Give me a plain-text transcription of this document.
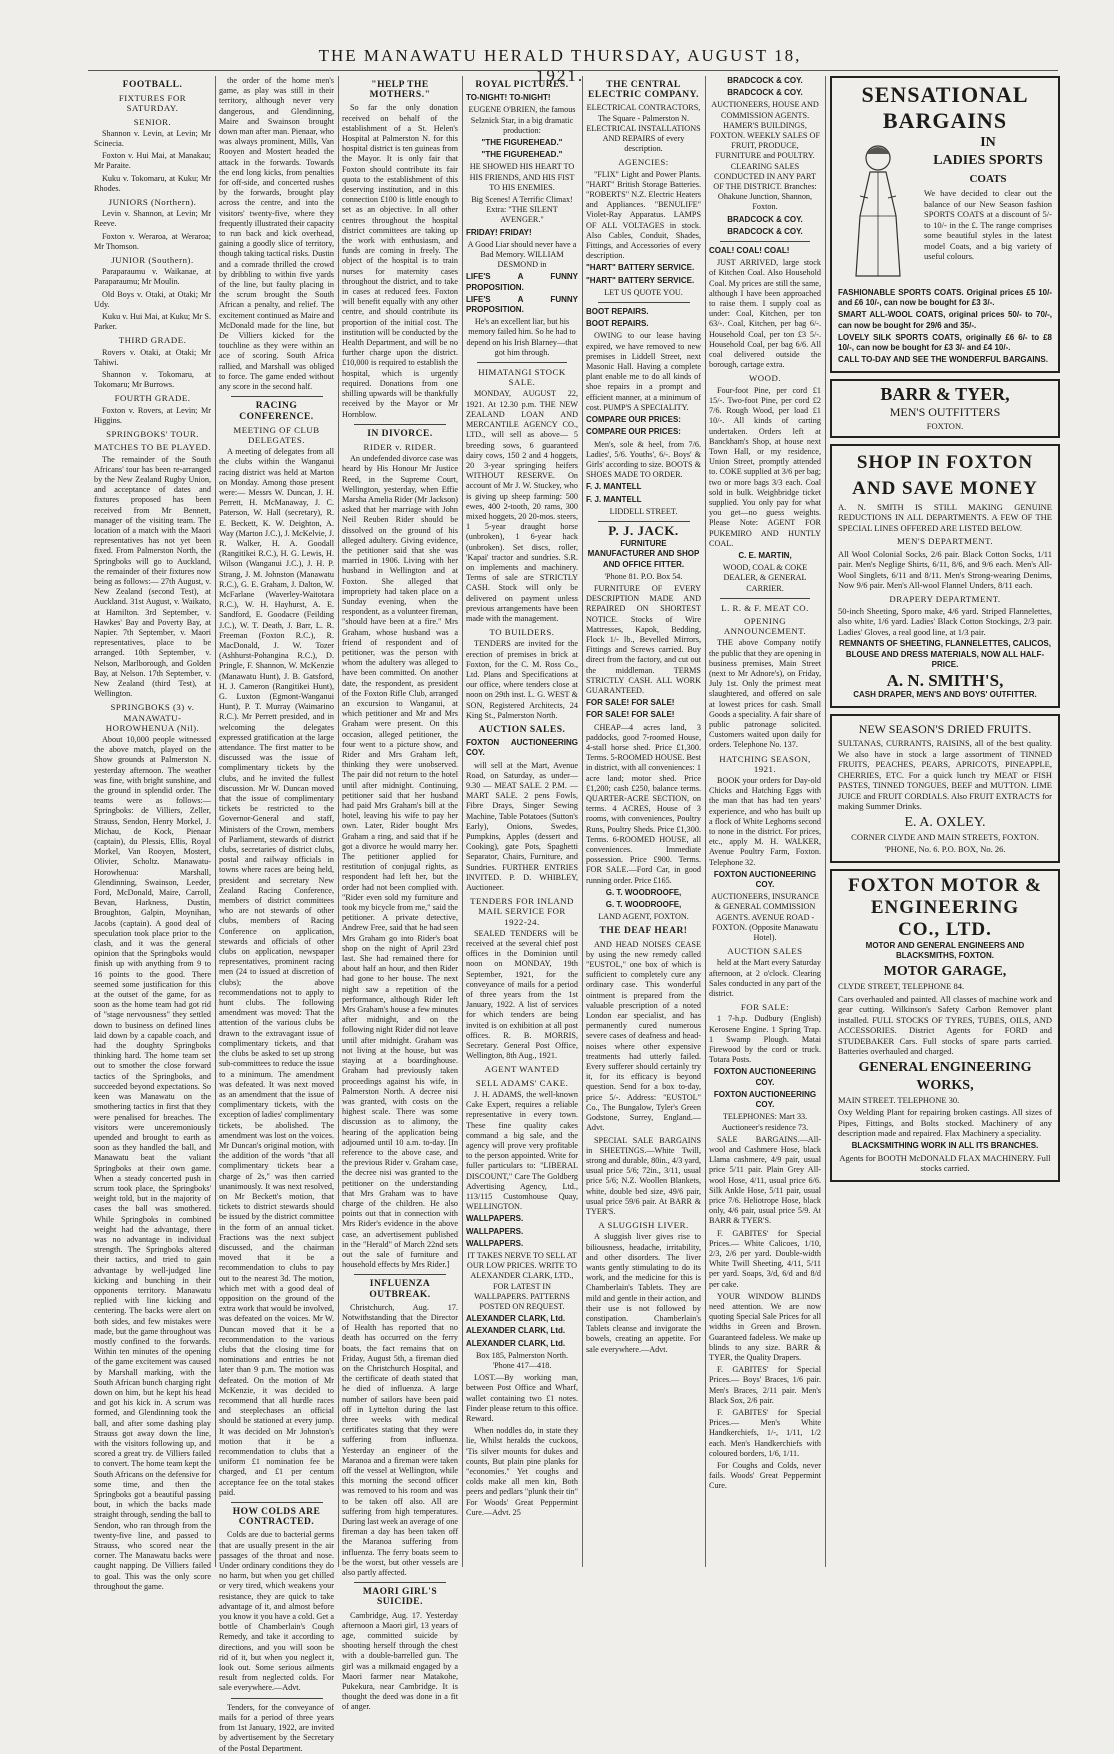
THE MANAWATU HERALD THURSDAY, AUGUST 18, 1921.
FOOTBALL.
FIXTURES FOR SATURDAY.
SENIOR.

Shannon v. Levin, at Levin; Mr Scinecia.

Foxton v. Hui Mai, at Manakau; Mr Paraite.

Kuku v. Tokomaru, at Kuku; Mr Rhodes.

JUNIORS (Northern).

Levin v. Shannon, at Levin; Mr Reeve.

Foxton v. Weraroa, at Weraroa; Mr Thomson.

JUNIOR (Southern).

Paraparaumu v. Waikanae, at Paraparaumu; Mr Moulin.

Old Boys v. Otaki, at Otaki; Mr Udy.

Kuku v. Hui Mai, at Kuku; Mr S. Parker.

THIRD GRADE.

Rovers v. Otaki, at Otaki; Mr Tahiwi.

Shannon v. Tokomaru, at Tokomaru; Mr Burrows.

FOURTH GRADE.

Foxton v. Rovers, at Levin; Mr Higgins.

SPRINGBOKS' TOUR.
MATCHES TO BE PLAYED.

The remainder of the South Africans' tour has been re-arranged by the New Zealand Rugby Union, and acceptance of dates and fixtures proposed has been received from Mr Bennett, manager of the visiting team. The location of a match with the Maori representatives has not yet been fixed. From Palmerston North, the Springboks will go to Auckland, the remainder of their fixtures now being as follows:— 27th August, v. New Zealand (second Test), at Auckland. 31st August, v. Waikato, at Hamilton. 3rd September, v. Hawkes' Bay and Poverty Bay, at Napier. 7th September, v. Maori representatives, place to be arranged. 10th September, v. Nelson, Marlborough, and Golden Bay, at Nelson. 17th September, v. New Zealand (third Test), at Wellington.

SPRINGBOKS (3) v. MANAWATU-HOROWHENUA (Nil).

About 10,000 people witnessed the above match, played on the Show grounds at Palmerston N. yesterday afternoon. The weather was fine, with bright sunshine, and the ground in splendid order. The teams were as follows:— Springboks: de Villiers, Zeller, Strauss, Sendon, Henry Morkel, J. Michau, de Kock, Pienaar (captain), du Plessis, Ellis, Royal Morkel, Van Rooyen, Mostert, Olivier, Scholtz. Manawatu-Horowhenua: Marshall, Glendinning, Swainson, Leeder, Ford, McDonald, Maire, Carroll, Bevan, Harkness, Dustin, Broughton, Galpin, Moynihan, Jacobs (captain). A good deal of speculation took place prior to the clash, and it was the general opinion that the Springboks would finish up with anything from 9 to 16 points to the good. There seemed some justification for this at the outset of the game, for as soon as the home team had got rid of "stage nervousness" they settled down to business on defined lines laid down by a capable coach, and had the doughty Springboks thinking hard. The home team set out to smother the close forward tactics of the Springboks, and succeeded beyond expectations. So keen was Manawatu on the smothering tactics in first that they were penalised for breaches. The visitors were unceremoniously upended and brought to earth as soon as they handled the ball, and Manawatu beat the valiant Springboks at their own game. When a steady concerted push in scrum took place, the Springboks' weight told, but in the majority of cases the ball was smothered. While Springboks in combined weight had the advantage, there was no advantage in individual strength. The Springboks altered their tactics, and tried to gain advantage by well-judged line kicking and bunching in their opponents territory. Manawatu replied with line kicking and centering. The backs were alert on both sides, and few mistakes were made, but the game throughout was mostly confined to the forwards. Within ten minutes of the opening of the game excitement was caused by Marshall marking, with the South African bunch charging right down on him, but he kept his head and got his kick in. A scrum was formed, and Glendinning took the ball, and after some dashing play Strauss got away down the line, with the visitors following up, and scored a great try. de Villiers failed to convert. The home team kept the South Africans on the defensive for some time, and then the Springboks got a beautiful passing bout, in which the backs made straight through, sending the ball to Sendon, who ran through from the twenty-five line, and passed to Strauss, who scored near the corner. The Manawatu backs were caught napping. De Villiers failed to goal. This was the only score throughout the game.

the order of the home men's game, as play was still in their territory, although never very dangerous, and Glendinning, Maire and Swainson brought down man after man. Pienaar, who was always prominent, Mills, Van Rooyen and Mostert headed the attack in the forwards. Towards the end long kicks, from penalties for off-side, and concerted rushes by the forwards, brought play across the centre, and into the visitors' twenty-five, where they frequently illustrated their capacity to run back and kick overhead, gaining a goodly slice of territory, though taking tactical risks. Dustin and a comrade thrilled the crowd by dribbling to within five yards of the line, but faulty placing in the scrum brought the South African a penalty, and relief. The excitement continued as Maire and McDonald made for the line, but De Villiers kicked for the touchline as they were within an ace of scoring. South Africa rallied, and Marshall was obliged to force. The game ended without any score in the second half.

RACING CONFERENCE.
MEETING OF CLUB DELEGATES.

A meeting of delegates from all the clubs within the Wanganui racing district was held at Marton on Monday. Among those present were:— Messrs W. Duncan, J. H. Perrett, H. McManaway, J. C. Paterson, W. Hall (secretary), R. E. Beckett, K. W. Deighton, A. Way (Marton J.C.), J. McKelvie, J. R. Walker, H. A. Goodall (Rangitikei R.C.), H. G. Lewis, H. Wilson (Wanganui J.C.), J. H. P. Strang, J. M. Johnston (Manawatu R.C.), G. E. Graham, J. Dalton, W. McFarlane (Waverley-Waitotara R.C.), W. H. Hayhurst, A. E. Sandford, E. Goodacre (Feilding J.C.), W. T. Death, J. Barr, L. R. Freeman (Foxton R.C.), R. MacDonald, J. W. Tozer (Ashhurst-Pohangina R.C.), D. Pringle, F. Shannon, W. McKenzie (Manawatu Hunt), J. B. Gatsford, H. J. Cameron (Rangitikei Hunt), G. Luxton (Egmont-Wanganui Hunt), P. T. Murray (Waimarino R.C.). Mr Perrett presided, and in welcoming the delegates expressed gratification at the large attendance. The first matter to be discussed was the issue of complimentary tickets by the clubs, and he invited the fullest discussion. Mr W. Duncan moved that the issue of complimentary tickets be restricted to the Governor-General and staff, Ministers of the Crown, members of Parliament, stewards of district clubs, secretaries of district clubs, postal and railway officials in towns where races are being held, president and secretary New Zealand Racing Conference, members of district committees who are not stewards of other clubs, members of Racing Conference on application, stewards and officials of other clubs on application, newspaper representatives, prominent racing men (24 to issued at discretion of clubs); the above recommendations not to apply to hunt clubs. The following amendment was moved: That the attention of the various clubs be drawn to the extravagant issue of complimentary tickets, and that the clubs be asked to set up strong sub-committees to reduce the issue to a minimum. The amendment was defeated. It was next moved as an amendment that the issue of complimentary tickets, with the exception of ladies' complimentary tickets, be abolished. The amendment was lost on the voices. Mr Duncan's original motion, with the addition of the words "that all complimentary tickets bear a charge of 2s," was then carried unanimously. It was next resolved, on Mr Beckett's motion, that tickets to district stewards should be issued by the district committee in the form of an annual ticket. Fractions was the next subject discussed, and the chairman moved that it be a recommendation to clubs to pay out to the nearest 3d. The motion, which met with a good deal of opposition on the ground of the extra work that would be involved, was defeated on the voices. Mr W. Duncan moved that it be a recommendation to the various clubs that the closing time for nominations and entries be not later than 9 p.m. The motion was defeated. On the motion of Mr McKenzie, it was decided to recommend that all hurdle races and steeplechases an official should be stationed at every jump. It was decided on Mr Johnston's motion that it be a recommendation to clubs that a uniform £1 nomination fee be charged, and £1 per centum acceptance fee on the total stakes paid.

HOW COLDS ARE CONTRACTED.

Colds are due to bacterial germs that are usually present in the air passages of the throat and nose. Under ordinary conditions they do no harm, but when you get chilled or very tired, which weakens your resistance, they are quick to take advantage of it, and almost before you know it you have a cold. Get a bottle of Chamberlain's Cough Remedy, and take it according to directions, and you will soon be rid of it, but when you neglect it, look out. Some serious ailments result from neglected colds. For sale everywhere.—Advt.

Tenders, for the conveyance of mails for a period of three years from 1st January, 1922, are invited by advertisement by the Secretary of the Postal Department.

"HELP THE MOTHERS."

So far the only donation received on behalf of the establishment of a St. Helen's Hospital at Palmerston N. for this hospital district is ten guineas from the Mayor. It is only fair that Foxton should contribute its fair quota to the establishment of this deserving institution, and in this connection £100 is little enough to set as an objective. In all other centres throughout the hospital district committees are taking up the work with enthusiasm, and funds are coming in freely. The object of the hospital is to train nurses for maternity cases throughout the district, and to take in cases at reduced fees. Foxton will benefit equally with any other centre, and should contribute its proportion of the initial cost. The institution will be conducted by the Health Department, and will be no further charge upon the district. £10,000 is required to establish the hospital, which is urgently required. Donations from one shilling upwards will be thankfully received by the Mayor or Mr Hornblow.

IN DIVORCE.
RIDER v. RIDER.

An undefended divorce case was heard by His Honour Mr Justice Reed, in the Supreme Court, Wellington, yesterday, when Effie Marsha Amelia Rider (Mr Jackson) asked that her marriage with John Neil Reuben Rider should be dissolved on the ground of his alleged adultery. Giving evidence, the petitioner said that she was married in 1906. Living with her husband in Wellington and at Foxton. She alleged that impropriety had taken place on a Sunday evening, when the respondent, as a volunteer fireman, "should have been at a fire." Mrs Graham, whose husband was a friend of respondent and of petitioner, was the person with whom the adultery was alleged to have been committed. On another date, the respondent, as president of the Foxton Rifle Club, arranged an excursion to Wanganui, at which petitioner and Mr and Mrs Graham were present. On this occasion, alleged petitioner, the four went to a picture show, and Rider and Mrs Graham left, thinking they were unobserved. The pair did not return to the hotel until after midnight. Continuing, petitioner said that her husband had paid Mrs Graham's bill at the hotel, leaving his wife to pay her own. Later, Rider bought Mrs Graham a ring, and said that if he got a divorce he would marry her. The petitioner applied for restitution of conjugal rights, as respondent had left her, but the order had not been complied with. "Rider even sold my furniture and took my bicycle from me," said the petitioner. A private detective, Andrew Free, said that he had seen Mrs Graham go into Rider's boat shop on the night of April 23rd last. She had remained there for about half an hour, and then Rider had gone to her house. The next night saw a repetition of the performance, although Rider left Mrs Graham's house a few minutes after midnight, and on the following night Rider did not leave until after midnight. Graham was not living at the house, but was staying at a boardinghouse. Graham had previously taken proceedings against his wife, in Palmerston North. A decree nisi was granted, with costs on the highest scale. There was some discussion as to alimony, the hearing of the application being adjourned until 10 a.m. to-day. [In reference to the above case, and the previous Rider v. Graham case, the decree nisi was granted to the petitioner on the understanding that Mrs Graham was to have charge of the children. He also points out that in connection with Mrs Rider's evidence in the above case, an advertisement published in the "Herald" of March 22nd sets out the sale of furniture and household effects by Mrs Rider.]

INFLUENZA OUTBREAK.

Christchurch, Aug. 17. Notwithstanding that the Director of Health has reported that no death has occurred on the ferry boats, the fact remains that on Friday, August 5th, a fireman died on the Christchurch Hospital, and the certificate of death stated that he died of influenza. A large number of sailors have been paid off in Lyttelton during the last three weeks with medical certificates stating that they were suffering from influenza. Yesterday an engineer of the Maranoa and a fireman were taken off the vessel at Wellington, while this morning the second officer was removed to his room and was to be taken off also. All are suffering from high temperatures. During last week an average of one fireman a day has been taken off the Maranoa suffering from influenza. The ferry boats seem to be the worst, but other vessels are also partly affected.

MAORI GIRL'S SUICIDE.

Cambridge, Aug. 17. Yesterday afternoon a Maori girl, 13 years of age, committed suicide by shooting herself through the chest with a double-barrelled gun. The girl was a milkmaid engaged by a Maori farmer near Matakohe, Pukekura, near Cambridge. It is thought the deed was done in a fit of anger.

ROYAL PICTURES.

TO-NIGHT! TO-NIGHT!

EUGENE O'BRIEN, the famous Selznick Star, in a big dramatic production:

"THE FIGUREHEAD."

"THE FIGUREHEAD."

HE SHOWED HIS HEART TO HIS FRIENDS, AND HIS FIST TO HIS ENEMIES.

Big Scenes! A Terrific Climax! Extra: "THE SILENT AVENGER."

FRIDAY! FRIDAY!

A Good Liar should never have a Bad Memory. WILLIAM DESMOND in

LIFE'S A FUNNY PROPOSITION.

LIFE'S A FUNNY PROPOSITION.

He's an excellent liar, but his memory failed him. So he had to depend on his Irish Blarney—that got him through.

HIMATANGI STOCK SALE.

MONDAY, AUGUST 22, 1921. At 12.30 p.m. THE NEW ZEALAND LOAN AND MERCANTILE AGENCY CO., LTD., will sell as above— 5 breeding sows, 6 guaranteed dairy cows, 150 2 and 4 hoggets, 20 3-year springing heifers WITHOUT RESERVE. On account of Mr J. W. Stuckey, who is giving up sheep farming: 500 ewes, 400 2-tooth, 20 rams, 300 mixed hoggets, 20 20-mos. steers, 1 5-year draught horse (unbroken), 1 6-year hack (unbroken). Set discs, roller, 'Kapai' tractor and sundries. S.R. on implements and machinery. Terms of sale are STRICTLY CASH. Stock will only be delivered on payment unless previous arrangements have been made with the management.

TO BUILDERS.

TENDERS are invited for the erection of premises in brick at Foxton, for the C. M. Ross Co., Ltd. Plans and Specifications at our office, where tenders close at noon on 29th inst. L. G. WEST & SON, Registered Architects, 24 King St., Palmerston North.

AUCTION SALES.

FOXTON AUCTIONEERING COY.

will sell at the Mart, Avenue Road, on Saturday, as under— 9.30 — MEAT SALE. 2 P.M. — MART SALE. 2 pens Fowls, Fibre Drays, Singer Sewing Machine, Table Potatoes (Sutton's Early), Onions, Swedes, Pumpkins, Apples (dessert and Cooking), gate Pots, Spaghetti Separator, Chairs, Furniture, and Sundries. FURTHER ENTRIES INVITED. P. D. WHIBLEY, Auctioneer.

TENDERS FOR INLAND MAIL SERVICE FOR 1922-24.

SEALED TENDERS will be received at the several chief post offices in the Dominion until noon on MONDAY, 19th September, 1921, for the conveyance of mails for a period of three years from the 1st January, 1922. A list of services for which tenders are being invited is on exhibition at all post offices. R. B. MORRIS, Secretary. General Post Office, Wellington, 8th Aug., 1921.

AGENT WANTED
SELL ADAMS' CAKE.

J. H. ADAMS, the well-known Cake Expert, requires a reliable representative in every town. These fine quality cakes command a big sale, and the agency will prove very profitable to the person appointed. Write for fuller particulars to: "LIBERAL DISCOUNT," Care The Goldberg Advertising Agency, Ltd., 113/115 Customhouse Quay, WELLINGTON.

WALLPAPERS.

WALLPAPERS.

WALLPAPERS.

IT TAKES NERVE TO SELL AT OUR LOW PRICES. WRITE TO ALEXANDER CLARK, LTD., FOR LATEST IN WALLPAPERS. PATTERNS POSTED ON REQUEST.

ALEXANDER CLARK, Ltd.

ALEXANDER CLARK, Ltd.

ALEXANDER CLARK, Ltd.

Box 185, Palmerston North. 'Phone 417—418.

LOST.—By working man, between Post Office and Wharf, wallet containing two £1 notes. Finder please return to this office. Reward.

When noddles do, in state they lie, Whilst heralds the cuckoos, 'Tis silver mounts for dukes and counts, But plain pine planks for "economies." Yet coughs and colds make all men kin, Both peers and pedlars "plunk their tin" For Woods' Great Peppermint Cure.—Advt. 25

THE CENTRAL ELECTRIC COMPANY.

ELECTRICAL CONTRACTORS, The Square - Palmerston N. ELECTRICAL INSTALLATIONS AND REPAIRS of every description.

AGENCIES:

"FLIX" Light and Power Plants. "HART" British Storage Batteries. "ROBERTS" N.Z. Electric Heaters and Appliances. "BENULIFE" Violet-Ray Apparatus. LAMPS OF ALL VOLTAGES in stock. Also Cables, Conduit, Shades, Fittings, and Accessories of every description.

"HART" BATTERY SERVICE.

"HART" BATTERY SERVICE.

LET US QUOTE YOU.

BOOT REPAIRS.

BOOT REPAIRS.

OWING to our lease having expired, we have removed to new premises in Liddell Street, next Masonic Hall. Having a complete plant enable me to do all kinds of shoe repairs in a prompt and efficient manner, at a minimum of cost. PUMP'S A SPECIALITY.

COMPARE OUR PRICES:

COMPARE OUR PRICES:

Men's, sole & heel, from 7/6. Ladies', 5/6. Youths', 6/-. Boys' & Girls' according to size. BOOTS & SHOES MADE TO ORDER.

F. J. MANTELL

F. J. MANTELL

LIDDELL STREET.

P. J. JACK.

FURNITURE MANUFACTURER AND SHOP AND OFFICE FITTER.

'Phone 81. P.O. Box 54.

FURNITURE OF EVERY DESCRIPTION MADE AND REPAIRED ON SHORTEST NOTICE. Stocks of Wire Mattresses, Kapok, Bedding, Flock 1/- lb., Bevelled Mirrors, Fittings and Screws carried. Buy direct from the factory, and cut out the middleman. TERMS STRICTLY CASH. ALL WORK GUARANTEED.

FOR SALE! FOR SALE!

FOR SALE! FOR SALE!

CHEAP—4 acres land, 3 paddocks, good 7-roomed House, 4-stall horse shed. Price £1,300. Terms. 5-ROOMED HOUSE. Best in district, with all conveniences: 1 acre land; motor shed. Price £1,200; cash £250, balance terms. QUARTER-ACRE SECTION, on terms. 4 ACRES, House of 3 rooms, with conveniences, Poultry Runs, Poultry Sheds. Price £1,300. Terms. 6-ROOMED HOUSE, all conveniences. Immediate possession. Price £900. Terms. FOR SALE.—Ford Car, in good running order. Price £165.

G. T. WOODROOFE,

G. T. WOODROOFE,

LAND AGENT, FOXTON.

THE DEAF HEAR!

AND HEAD NOISES CEASE by using the new remedy called "EUSTOL," one box of which is sufficient to completely cure any ordinary case. This wonderful ointment is prepared from the valuable prescription of a noted London ear specialist, and has permanently cured numerous severe cases of deafness and head-noises where other expensive treatments had utterly failed. Every sufferer should certainly try it, for its efficacy is beyond question. Send for a box to-day, price 5/-. Address: "EUSTOL" Co., The Bungalow, Tyler's Green Godstone, Surrey, England.—Advt.

SPECIAL SALE BARGAINS in SHEETINGS.—White Twill, strong and durable, 80in., 4/3 yard, usual price 5/6; 72in., 3/11, usual price 5/6; N.Z. Woollen Blankets, white, double bed size, 49/6 pair, usual price 59/6 pair. At BARR & TYER'S.

A SLUGGISH LIVER.

A sluggish liver gives rise to biliousness, headache, irritability, and other disorders. The liver wants gently stimulating to do its work, and the medicine for this is Chamberlain's Tablets. They are mild and gentle in their action, and their use is not followed by constipation. Chamberlain's Tablets cleanse and invigorate the bowels, creating an appetite. For sale everywhere.—Advt.

BRADCOCK & COY.

BRADCOCK & COY.

AUCTIONEERS, HOUSE AND COMMISSION AGENTS. HAMER'S BUILDINGS, FOXTON. WEEKLY SALES OF FRUIT, PRODUCE, FURNITURE and POULTRY. CLEARING SALES CONDUCTED IN ANY PART OF THE DISTRICT. Branches: Ohakune Junction, Shannon, Foxton.

BRADCOCK & COY.

BRADCOCK & COY.

COAL! COAL! COAL!

JUST ARRIVED, large stock of Kitchen Coal. Also Household Coal. My prices are still the same, although I have been approached to raise them. I supply coal as under: Coal, Kitchen, per ton 63/-. Coal, Kitchen, per bag 6/-. Household Coal, per ton £3 5/-. Household Coal, per bag 6/6. All coal delivered outside the borough, cartage extra.

WOOD.

Four-foot Pine, per cord £1 15/-. Two-foot Pine, per cord £2 7/6. Rough Wood, per load £1 10/-. All kinds of carting undertaken. Orders left at Banckham's Shop, at house next Town Hall, or my residence, Union Street, promptly attended to. COKE supplied at 3/6 per bag; two or more bags 3/3 each. Coal sold in bulk. Weighbridge ticket supplied. You only pay for what you get—no guess weights. Please Note: AGENT FOR PUKEMIRO AND HUNTLY COAL.

C. E. MARTIN,

WOOD, COAL & COKE DEALER, & GENERAL CARRIER.

L. R. & F. MEAT CO.
OPENING ANNOUNCEMENT.

THE above Company notify the public that they are opening in business premises, Main Street (next to Mr Adnore's), on Friday, July 1st. Only the primest meat slaughtered, and offered on sale at lowest prices for cash. Small Goods a speciality. A fair share of public patronage solicited. Customers waited upon daily for orders. Telephone No. 137.

HATCHING SEASON, 1921.

BOOK your orders for Day-old Chicks and Hatching Eggs with the man that has had ten years' experience, and who has built up a flock of White Leghorns second to none in the district. For prices, etc., apply M. H. WALKER, Avenue Poultry Farm, Foxton. Telephone 32.

FOXTON AUCTIONEERING COY.

AUCTIONEERS, INSURANCE & GENERAL COMMISSION AGENTS. AVENUE ROAD - FOXTON. (Opposite Manawatu Hotel).

AUCTION SALES

held at the Mart every Saturday afternoon, at 2 o'clock. Clearing Sales conducted in any part of the district.

FOR SALE:

1 7-h.p. Dudbury (English) Kerosene Engine. 1 Spring Trap. 1 Swamp Plough. Matai Firewood by the cord or truck. Totara Posts.

FOXTON AUCTIONEERING COY.

FOXTON AUCTIONEERING COY.

TELEPHONES: Mart 33. Auctioneer's residence 73.

SALE BARGAINS.—All-wool and Cashmere Hose, black Llama cashmere, 4/9 pair, usual price 5/11 pair. Plain Grey All-wool Hose, 4/11, usual price 6/6. Silk Ankle Hose, 5/11 pair, usual price 7/6. Heliotrope Hose, black only, 4/6 pair, usual price 5/9. At BARR & TYER'S.

F. GABITES' for Special Prices.— White Calicoes, 1/10, 2/3, 2/6 per yard. Double-width White Twill Sheeting, 4/11, 5/11 per yard. Soaps, 3/d, 6/d and 8/d per cake.

YOUR WINDOW BLINDS need attention. We are now quoting Special Sale Prices for all widths in Green and Brown. Guaranteed fadeless. We make up blinds to any size. BARR & TYER, the Quality Drapers.

F. GABITES' for Special Prices.— Boys' Braces, 1/6 pair. Men's Braces, 2/11 pair. Men's Black Sox, 2/6 pair.

F. GABITES' for Special Prices.— Men's White Handkerchiefs, 1/-, 1/11, 1/2 each. Men's Handkerchiefs with coloured borders, 1/6, 1/11.

For Coughs and Colds, never fails. Woods' Great Peppermint Cure.

SENSATIONAL
BARGAINS
IN
LADIES SPORTS
COATS

We have decided to clear out the balance of our New Season fashion SPORTS COATS at a discount of 5/- to 10/- in the £. The range comprises some beautiful styles in the latest model Coats, and a big variety of useful colours.

FASHIONABLE SPORTS COATS. Original prices £5 10/- and £6 10/-, can now be bought for £3 3/-.

SMART ALL-WOOL COATS, original prices 50/- to 70/-, can now be bought for 29/6 and 35/-.

LOVELY SILK SPORTS COATS, originally £6 6/- to £8 10/-, can now be bought for £3 3/- and £4 10/-.

CALL TO-DAY AND SEE THE WONDERFUL BARGAINS.

BARR & TYER,
MEN'S OUTFITTERS
FOXTON.
SHOP IN FOXTON
AND SAVE MONEY

A. N. SMITH IS STILL MAKING GENUINE REDUCTIONS IN ALL DEPARTMENTS. A FEW OF THE SPECIAL LINES OFFERED ARE LISTED BELOW.

MEN'S DEPARTMENT.

All Wool Colonial Socks, 2/6 pair. Black Cotton Socks, 1/11 pair. Men's Neglige Shirts, 6/11, 8/6, and 9/6 each. Men's All-Wool Singlets, 6/11 and 8/11. Men's Strong-wearing Denims, Now 9/6 pair. Men's All-wool Flannel Unders, 8/11 each.

DRAPERY DEPARTMENT.

50-inch Sheeting, Sporo make, 4/6 yard. Striped Flannelettes, also white, 1/6 yard. Ladies' Black Cotton Stockings, 2/3 pair. Ladies' Gloves, a real good line, at 1/3 pair.

REMNANTS OF SHEETING, FLANNELETTES, CALICOS, BLOUSE AND DRESS MATERIALS, NOW ALL HALF-PRICE.

A. N. SMITH'S,

CASH DRAPER, MEN'S AND BOYS' OUTFITTER.

NEW SEASON'S DRIED FRUITS.

SULTANAS, CURRANTS, RAISINS, all of the best quality. We also have in stock a large assortment of TINNED FRUITS, PEACHES, PEARS, APRICOTS, PINEAPPLE, CHERRIES, ETC. For a quick lunch try MEAT or FISH PASTES, TINNED TONGUES, BEEF and MUTTON. LIME JUICE and FRUIT CORDIALS. Also FRUIT EXTRACTS for making Summer Drinks.

E. A. OXLEY.

CORNER CLYDE AND MAIN STREETS, FOXTON.

'PHONE, No. 6. P.O. BOX, No. 26.

FOXTON MOTOR &
ENGINEERING
CO., LTD.

MOTOR AND GENERAL ENGINEERS AND BLACKSMITHS, FOXTON.

MOTOR GARAGE,

CLYDE STREET, TELEPHONE 84.

Cars overhauled and painted. All classes of machine work and gear cutting. Wilkinson's Safety Carbon Remover plant installed. FULL STOCKS OF TYRES, TUBES, OILS, AND ACCESSORIES. District Agents for FORD and STUDEBAKER Cars. Full stocks of spare parts carried. Batteries overhauled and charged.

GENERAL ENGINEERING
WORKS,

MAIN STREET. TELEPHONE 30.

Oxy Welding Plant for repairing broken castings. All sizes of Pipes, Fittings, and Bolts stocked. Machinery of any description made and repaired. Flax Machinery a speciality.

BLACKSMITHING WORK IN ALL ITS BRANCHES.

Agents for BOOTH McDONALD FLAX MACHINERY. Full stocks carried.
